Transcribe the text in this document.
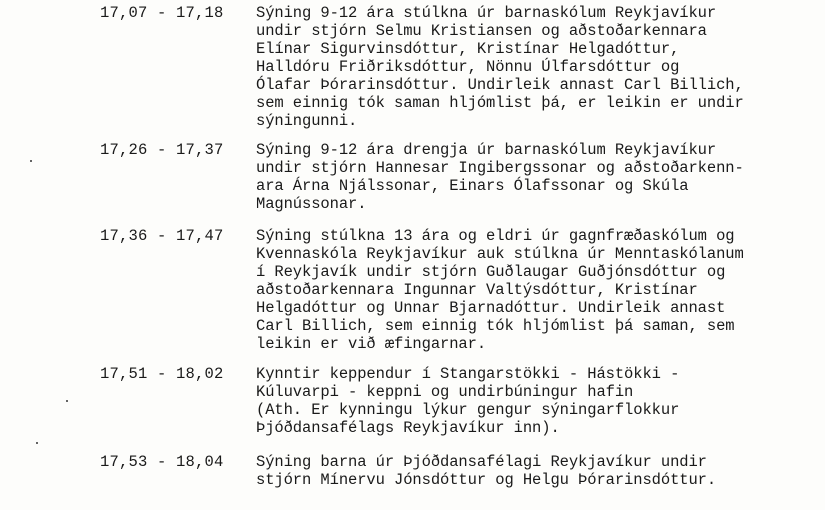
17,07 - 17,18 Sýning 9-12 ára stúlkna úr barnaskólum Reykjavíkur
undir stjórn Selmu Kristiansen og aðstoðarkennara
Elínar Sigurvinsdóttur, Kristínar Helgadóttur,
Halldóru Friðriksdóttur, Nönnu Úlfarsdóttur og
Ólafar Þórarinsdóttur. Undirleik annast Carl Billich,
sem einnig tók saman hljómlist þá, er leikin er undir
sýningunni.
17,26 - 17,37 Sýning 9-12 ára drengja úr barnaskólum Reykjavíkur
undir stjórn Hannesar Ingibergssonar og aðstoðarkenn-
ara Árna Njálssonar, Einars Ólafssonar og Skúla
Magnússonar.
17,36 - 17,47 Sýning stúlkna 13 ára og eldri úr gagnfræðaskólum og
Kvennaskóla Reykjavíkur auk stúlkna úr Menntaskólanum
í Reykjavík undir stjórn Guðlaugar Guðjónsdóttur og
aðstoðarkennara Ingunnar Valtýsdóttur, Kristínar
Helgadóttur og Unnar Bjarnadóttur. Undirleik annast
Carl Billich, sem einnig tók hljómlist þá saman, sem
leikin er við æfingarnar.
17,51 - 18,02 Kynntir keppendur í Stangarstökki - Hástökki -
Kúluvarpi - keppni og undirbúningur hafin
(Ath. Er kynningu lýkur gengur sýningarflokkur
Þjóðdansafélags Reykjavíkur inn).
17,53 - 18,04 Sýning barna úr Þjóðdansafélagi Reykjavíkur undir
stjórn Mínervu Jónsdóttur og Helgu Þórarinsdóttur.
